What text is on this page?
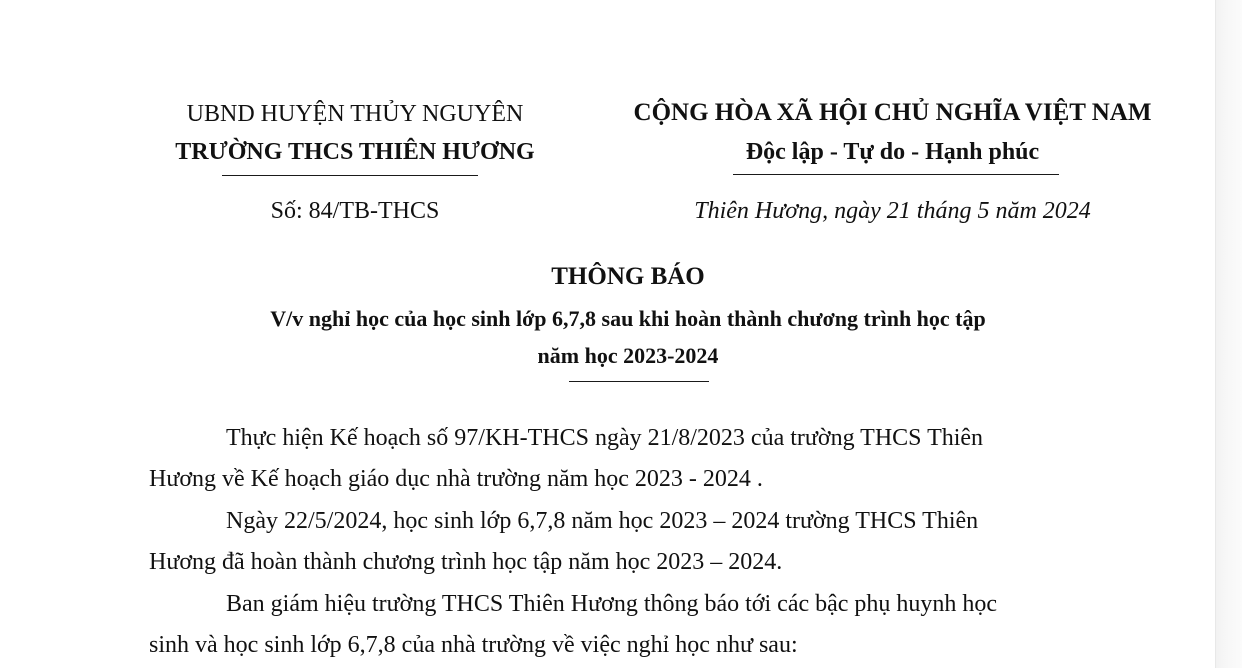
UBND HUYỆN THỦY NGUYÊN
TRƯỜNG THCS THIÊN HƯƠNG
CỘNG HÒA XÃ HỘI CHỦ NGHĨA VIỆT NAM
Độc lập - Tự do - Hạnh phúc
Số: 84/TB-THCS	Thiên Hương, ngày 21 tháng 5 năm 2024
THÔNG BÁO
V/v nghỉ học của học sinh lớp 6,7,8 sau khi hoàn thành chương trình học tập
năm học 2023-2024
Thực hiện Kế hoạch số 97/KH-THCS ngày 21/8/2023 của trường THCS Thiên
Hương về Kế hoạch giáo dục nhà trường năm học 2023 - 2024 .
Ngày 22/5/2024, học sinh lớp 6,7,8 năm học 2023 – 2024 trường THCS Thiên
Hương đã hoàn thành chương trình học tập năm học 2023 – 2024.
Ban giám hiệu trường THCS Thiên Hương thông báo tới các bậc phụ huynh học
sinh và học sinh lớp 6,7,8 của nhà trường về việc nghỉ học như sau:
